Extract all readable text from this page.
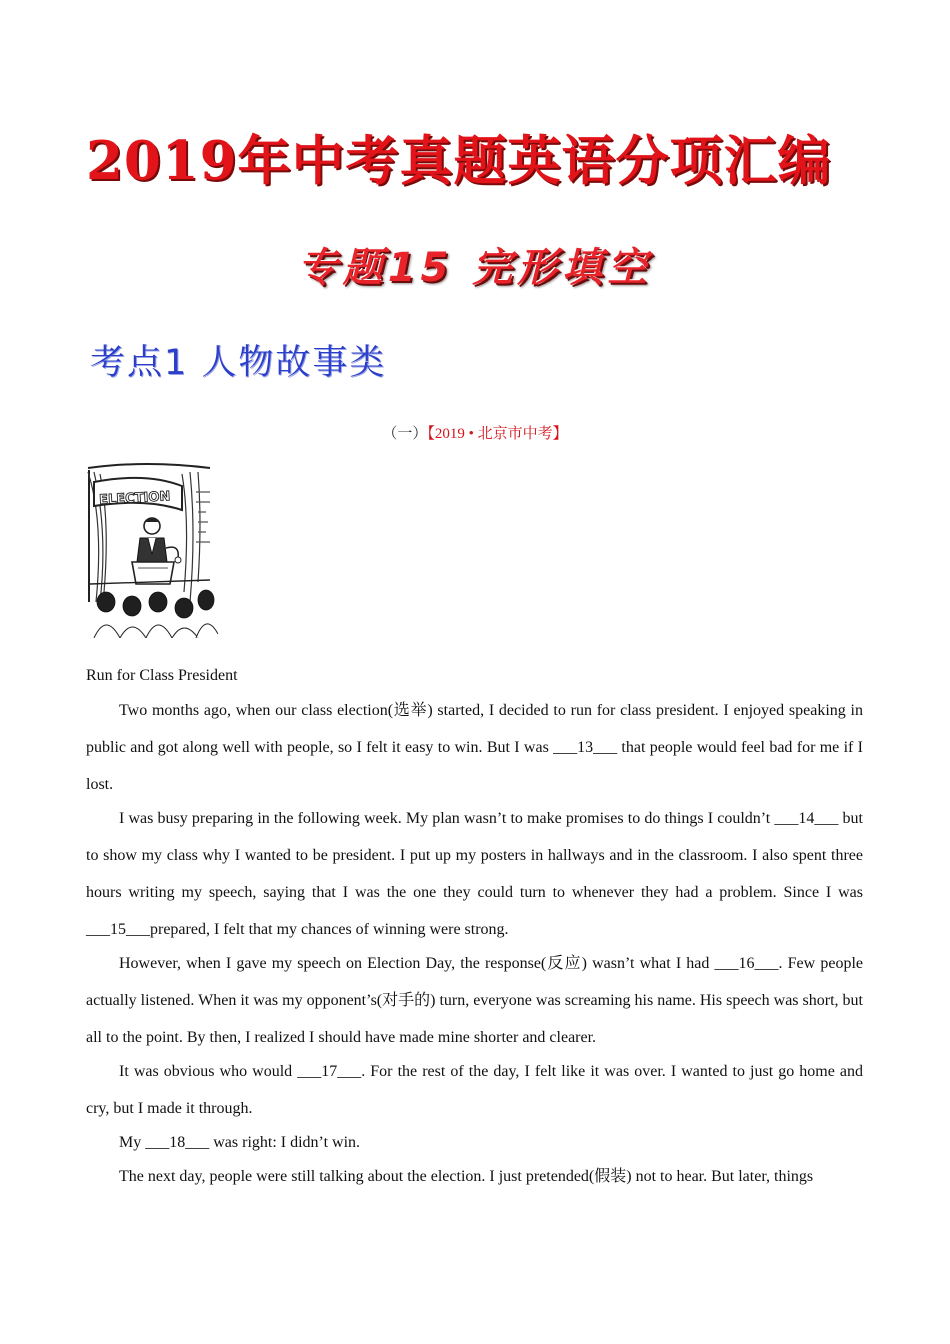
2019年中考真题英语分项汇编
专题15 完形填空
考点1 人物故事类
（一）【2019 • 北京市中考】
ELECTION
Run for Class President

Two months ago, when our class election(选举) started, I decided to run for class president. I enjoyed speaking in public and got along well with people, so I felt it easy to win. But I was ___13___ that people would feel bad for me if I lost.

I was busy preparing in the following week. My plan wasn’t to make promises to do things I couldn’t ___14___ but to show my class why I wanted to be president. I put up my posters in hallways and in the classroom. I also spent three hours writing my speech, saying that I was the one they could turn to whenever they had a problem. Since I was ___15___prepared, I felt that my chances of winning were strong.

However, when I gave my speech on Election Day, the response(反应) wasn’t what I had ___16___. Few people actually listened. When it was my opponent’s(对手的) turn, everyone was screaming his name. His speech was short, but all to the point. By then, I realized I should have made mine shorter and clearer.

It was obvious who would ___17___. For the rest of the day, I felt like it was over. I wanted to just go home and cry, but I made it through.

My ___18___ was right: I didn’t win.

The next day, people were still talking about the election. I just pretended(假装) not to hear. But later, things
